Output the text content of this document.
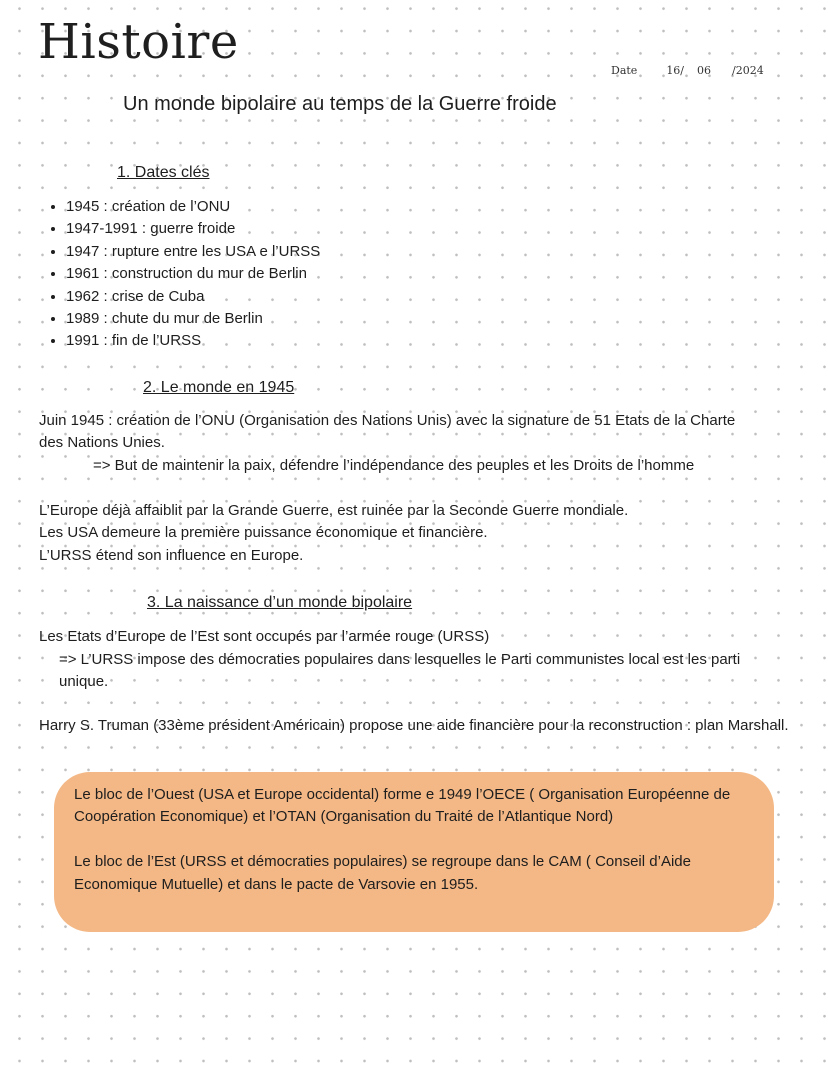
Histoire
Date	16/ 06 /2024
Un monde bipolaire au temps de la Guerre froide
1. Dates clés
• 1945 : création de l’ONU
• 1947-1991 : guerre froide
• 1947 : rupture entre les USA e l’URSS
• 1961 : construction du mur de Berlin
• 1962 : crise de Cuba
• 1989 : chute du mur de Berlin
• 1991 : fin de l’URSS
2. Le monde en 1945

Juin 1945 : création de l’ONU (Organisation des Nations Unis) avec la signature de 51 Etats de la Charte des Nations Unies.

=> But de maintenir la paix, défendre l’indépendance des peuples et les Droits de l’homme

L’Europe déjà affaiblit par la Grande Guerre, est ruinée par la Seconde Guerre mondiale.

Les USA demeure la première puissance économique et financière.

L’URSS étend son influence en Europe.

3. La naissance d’un monde bipolaire

Les Etats d’Europe de l’Est sont occupés par l’armée rouge (URSS)

=> L’URSS impose des démocraties populaires dans lesquelles le Parti communistes local est les parti unique.

Harry S. Truman (33ème président Américain) propose une aide financière pour la reconstruction : plan Marshall.

Le bloc de l’Ouest (USA et Europe occidental) forme e 1949 l’OECE ( Organisation Européenne de Coopération Economique) et l’OTAN (Organisation du Traité de l’Atlantique Nord)

Le bloc de l’Est (URSS et démocraties populaires) se regroupe dans le CAM ( Conseil d’Aide Economique Mutuelle) et dans le pacte de Varsovie en 1955.
